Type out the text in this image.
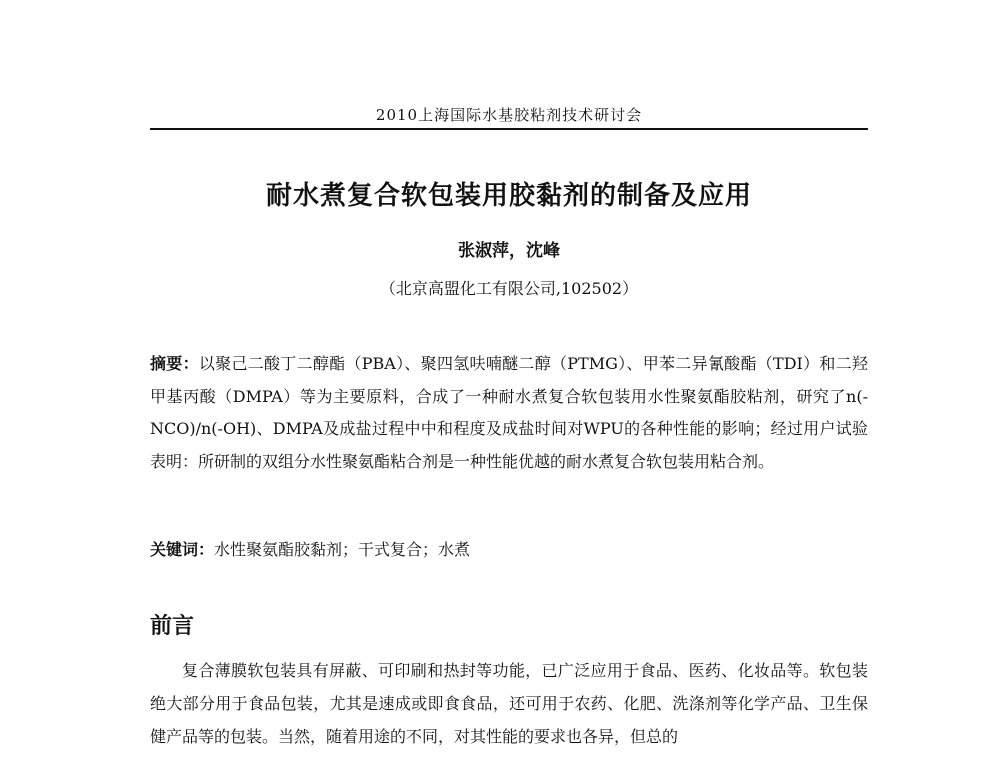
2010上海国际水基胶粘剂技术研讨会
耐水煮复合软包装用胶黏剂的制备及应用
张淑萍，沈峰
（北京高盟化工有限公司,102502）
摘要：以聚己二酸丁二醇酯（PBA）、聚四氢呋喃醚二醇（PTMG）、甲苯二异氰酸酯（TDI）和二羟甲基丙酸（DMPA）等为主要原料，合成了一种耐水煮复合软包装用水性聚氨酯胶粘剂，研究了n(-NCO)/n(-OH)、DMPA及成盐过程中中和程度及成盐时间对WPU的各种性能的影响；经过用户试验表明：所研制的双组分水性聚氨酯粘合剂是一种性能优越的耐水煮复合软包装用粘合剂。
关键词：水性聚氨酯胶黏剂；干式复合；水煮
前言
复合薄膜软包装具有屏蔽、可印刷和热封等功能，已广泛应用于食品、医药、化妆品等。软包装绝大部分用于食品包装，尤其是速成或即食食品，还可用于农药、化肥、洗涤剂等化学产品、卫生保健产品等的包装。当然，随着用途的不同，对其性能的要求也各异，但总的
